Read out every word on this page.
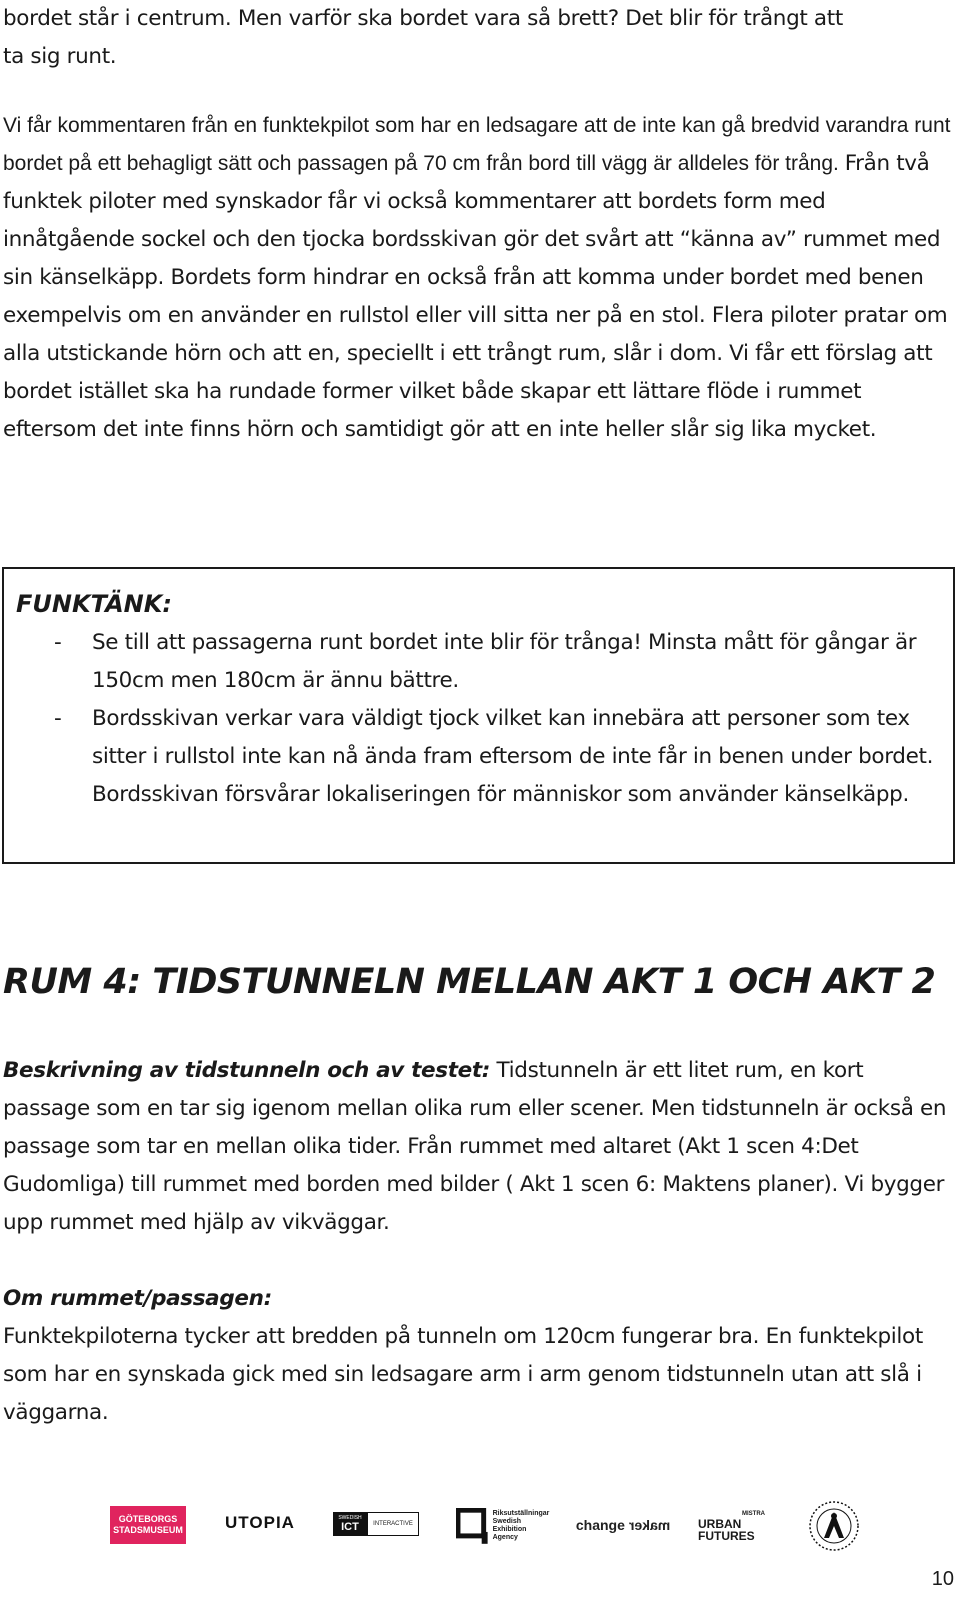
bordet står i centrum. Men varför ska bordet vara så brett? Det blir för trångt att
ta sig runt.

Vi får kommentaren från en funktekpilot som har en ledsagare att de inte kan gå bredvid varandra runt bordet på ett behagligt sätt och passagen på 70 cm från bord till vägg är alldeles för trång. Från två funktek piloter med synskador får vi också kommentarer att bordets form med innåtgående sockel och den tjocka bordsskivan gör det svårt att “känna av” rummet med sin känselkäpp. Bordets form hindrar en också från att komma under bordet med benen exempelvis om en använder en rullstol eller vill sitta ner på en stol. Flera piloter pratar om alla utstickande hörn och att en, speciellt i ett trångt rum, slår i dom. Vi får ett förslag att bordet istället ska ha rundade former vilket både skapar ett lättare flöde i rummet eftersom det inte finns hörn och samtidigt gör att en inte heller slår sig lika mycket.

FUNKTÄNK:

- Se till att passagerna runt bordet inte blir för trånga! Minsta mått för gångar är 150cm men 180cm är ännu bättre.
- Bordsskivan verkar vara väldigt tjock vilket kan innebära att personer som tex sitter i rullstol inte kan nå ända fram eftersom de inte får in benen under bordet. Bordsskivan försvårar lokaliseringen för människor som använder känselkäpp.
RUM 4: TIDSTUNNELN MELLAN AKT 1 OCH AKT 2

Beskrivning av tidstunneln och av testet: Tidstunneln är ett litet rum, en kort passage som en tar sig igenom mellan olika rum eller scener. Men tidstunneln är också en passage som tar en mellan olika tider. Från rummet med altaret (Akt 1 scen 4:Det Gudomliga) till rummet med borden med bilder ( Akt 1 scen 6: Maktens planer). Vi bygger upp rummet med hjälp av vikväggar.

Om rummet/passagen:
Funktekpiloterna tycker att bredden på tunneln om 120cm fungerar bra. En funktekpilot som har en synskada gick med sin ledsagare arm i arm genom tidstunneln utan att slå i väggarna.

GÖTEBORGS
STADSMUSEUM UTOPIA	SWEDISH
ICT INTERACTIVE
Riksutställningar
Swedish Exhibition
Agency
change maker
MISTRA
URBAN
FUTURES
10
